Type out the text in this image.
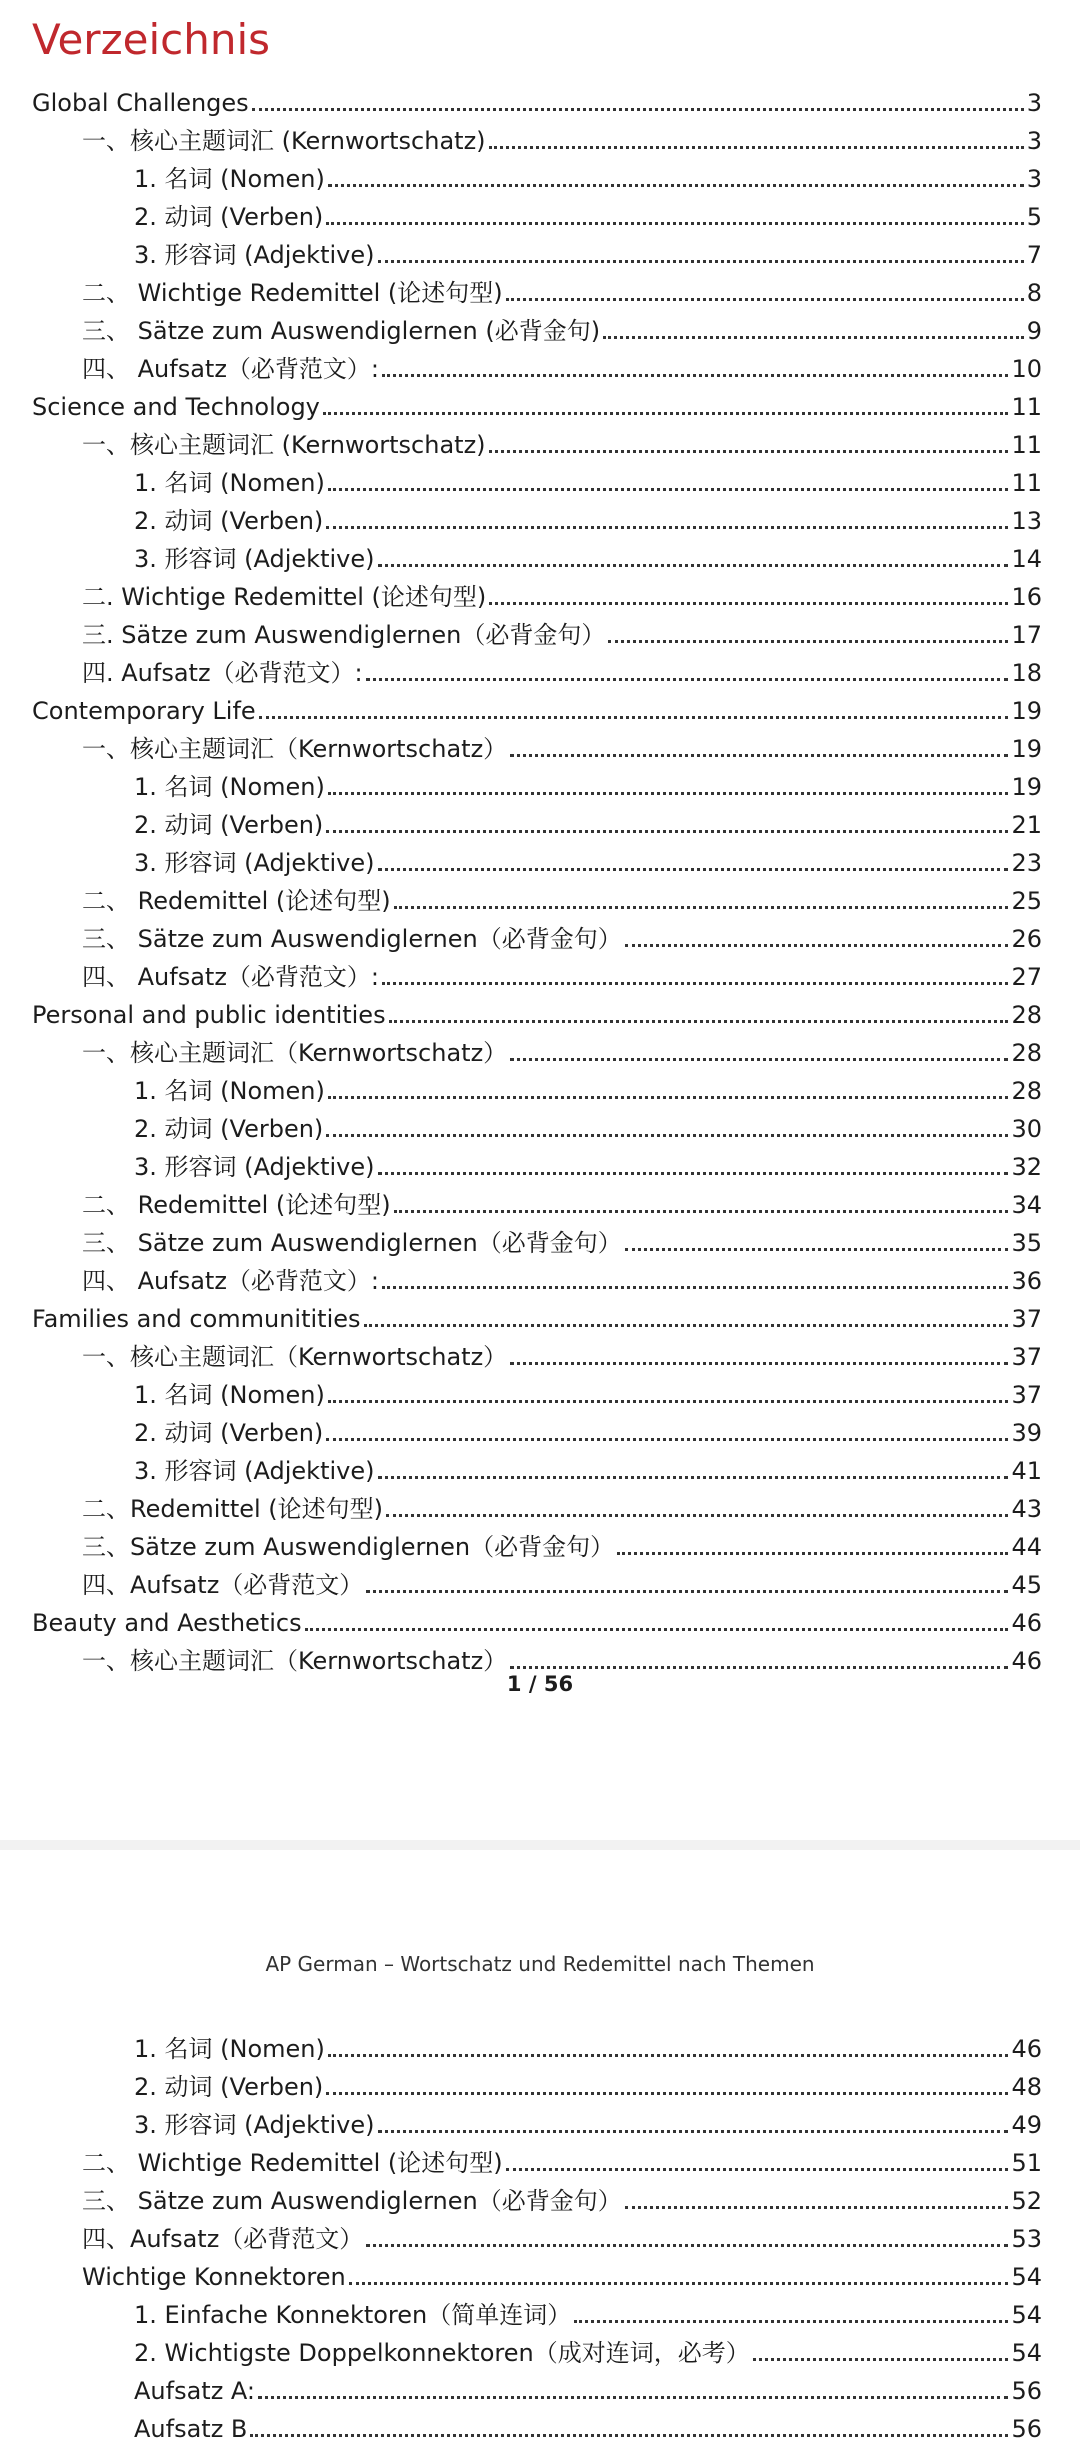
Verzeichnis
Global Challenges	3
一、核心主题词汇 (Kernwortschatz)	3
1. 名词 (Nomen)	3
2. 动词 (Verben)	5
3. 形容词 (Adjektive)	7
二、 Wichtige Redemittel (论述句型)	8
三、 Sätze zum Auswendiglernen (必背金句)	9
四、 Aufsatz（必背范文）:	10
Science and Technology	11
一、核心主题词汇 (Kernwortschatz)	11
1. 名词 (Nomen)	11
2. 动词 (Verben)	13
3. 形容词 (Adjektive)	14
二. Wichtige Redemittel (论述句型)	16
三. Sätze zum Auswendiglernen（必背金句）	17
四. Aufsatz（必背范文）:	18
Contemporary Life	19
一、核心主题词汇（Kernwortschatz）	19
1. 名词 (Nomen)	19
2. 动词 (Verben)	21
3. 形容词 (Adjektive)	23
二、 Redemittel (论述句型)	25
三、 Sätze zum Auswendiglernen（必背金句）	26
四、 Aufsatz（必背范文）:	27
Personal and public identities	28
一、核心主题词汇（Kernwortschatz）	28
1. 名词 (Nomen)	28
2. 动词 (Verben)	30
3. 形容词 (Adjektive)	32
二、 Redemittel (论述句型)	34
三、 Sätze zum Auswendiglernen（必背金句）	35
四、 Aufsatz（必背范文）:	36
Families and communitities	37
一、核心主题词汇（Kernwortschatz）	37
1. 名词 (Nomen)	37
2. 动词 (Verben)	39
3. 形容词 (Adjektive)	41
二、Redemittel (论述句型)	43
三、Sätze zum Auswendiglernen（必背金句）	44
四、Aufsatz（必背范文）	45
Beauty and Aesthetics	46
一、核心主题词汇（Kernwortschatz）	46
1 / 56
AP German – Wortschatz und Redemittel nach Themen
1. 名词 (Nomen)	46
2. 动词 (Verben)	48
3. 形容词 (Adjektive)	49
二、 Wichtige Redemittel (论述句型)	51
三、 Sätze zum Auswendiglernen（必背金句）	52
四、Aufsatz（必背范文）	53
Wichtige Konnektoren	54
1. Einfache Konnektoren（简单连词）	54
2. Wichtigste Doppelkonnektoren（成对连词，必考）	54
Aufsatz A:	56
Aufsatz B	56
